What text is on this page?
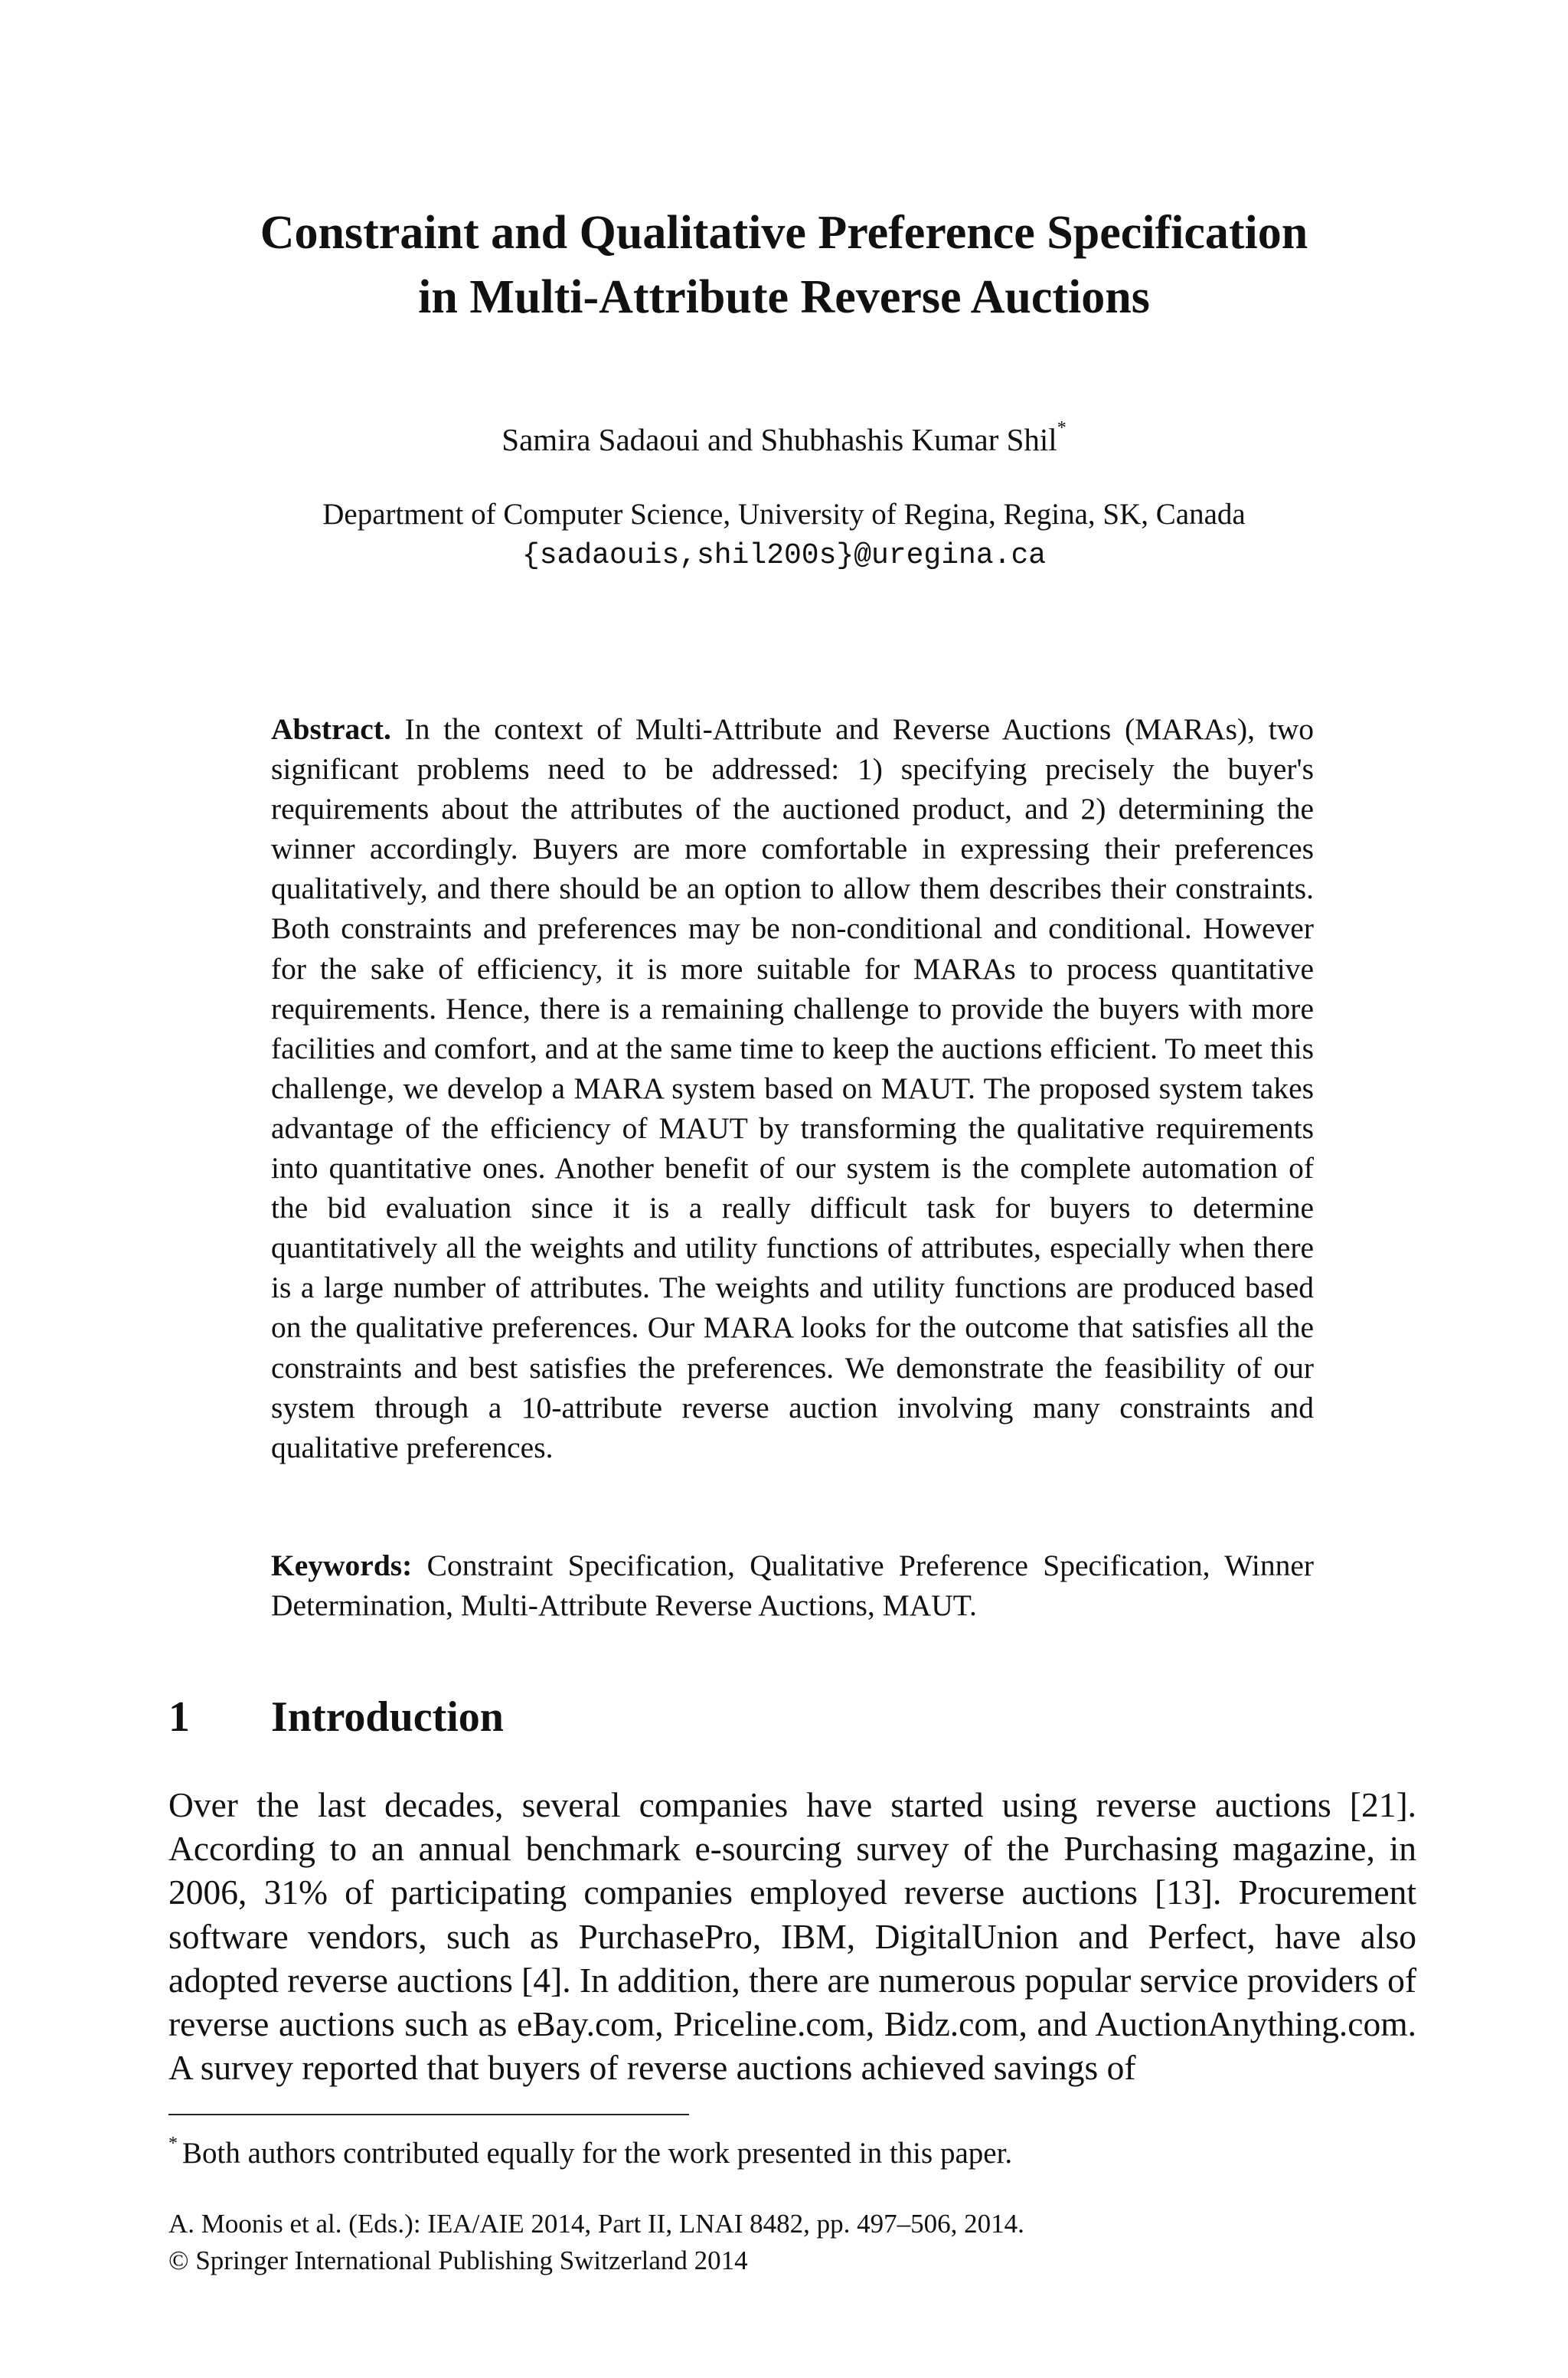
Constraint and Qualitative Preference Specification
in Multi-Attribute Reverse Auctions
Samira Sadaoui and Shubhashis Kumar Shil*
Department of Computer Science, University of Regina, Regina, SK, Canada
{sadaouis,shil200s}@uregina.ca
Abstract. In the context of Multi-Attribute and Reverse Auctions (MARAs), two significant problems need to be addressed: 1) specifying precisely the buyer's requirements about the attributes of the auctioned product, and 2) determining the winner accordingly. Buyers are more comfortable in expressing their preferences qualitatively, and there should be an option to allow them describes their constraints. Both constraints and preferences may be non-conditional and conditional. However for the sake of efficiency, it is more suitable for MARAs to process quantitative requirements. Hence, there is a remaining challenge to provide the buyers with more facilities and comfort, and at the same time to keep the auctions efficient. To meet this challenge, we develop a MARA system based on MAUT. The proposed system takes advantage of the efficiency of MAUT by transforming the qualitative requirements into quantitative ones. Another benefit of our system is the complete automation of the bid evaluation since it is a really difficult task for buyers to determine quantitatively all the weights and utility functions of attributes, especially when there is a large number of attributes. The weights and utility functions are produced based on the qualitative preferences. Our MARA looks for the outcome that satisfies all the constraints and best satisfies the preferences. We demonstrate the feasibility of our system through a 10-attribute reverse auction involving many constraints and qualitative preferences.
Keywords: Constraint Specification, Qualitative Preference Specification, Winner Determination, Multi-Attribute Reverse Auctions, MAUT.
1 Introduction
Over the last decades, several companies have started using reverse auctions [21]. According to an annual benchmark e-sourcing survey of the Purchasing magazine, in 2006, 31% of participating companies employed reverse auctions [13]. Procurement software vendors, such as PurchasePro, IBM, DigitalUnion and Perfect, have also adopted reverse auctions [4]. In addition, there are numerous popular service providers of reverse auctions such as eBay.com, Priceline.com, Bidz.com, and AuctionAnything.com. A survey reported that buyers of reverse auctions achieved savings of
* Both authors contributed equally for the work presented in this paper.
A. Moonis et al. (Eds.): IEA/AIE 2014, Part II, LNAI 8482, pp. 497–506, 2014.
© Springer International Publishing Switzerland 2014
